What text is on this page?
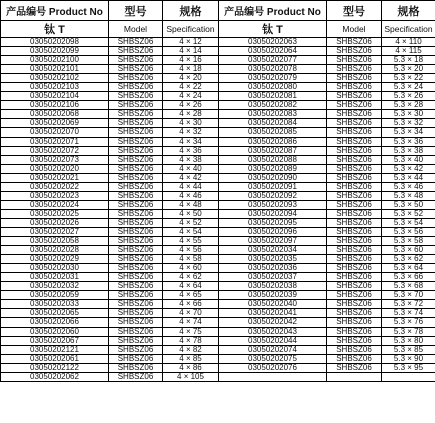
产品编号 Product No	型号	规格	产品编号 Product No	型号	规格
钛 T	Model	Specification	钛 T	Model	Specification
03050202098	SHBSZ06	4 × 12	03050202063	SHBSZ06	4 × 110
03050202099	SHBSZ06	4 × 14	03050202064	SHBSZ06	4 × 115
03050202100	SHBSZ06	4 × 16	03050202077	SHBSZ06	5.3 × 18
03050202101	SHBSZ06	4 × 18	03050202078	SHBSZ06	5.3 × 20
03050202102	SHBSZ06	4 × 20	03050202079	SHBSZ06	5.3 × 22
03050202103	SHBSZ06	4 × 22	03050202080	SHBSZ06	5.3 × 24
03050202104	SHBSZ06	4 × 24	03050202081	SHBSZ06	5.3 × 26
03050202106	SHBSZ06	4 × 26	03050202082	SHBSZ06	5.3 × 28
03050202068	SHBSZ06	4 × 28	03050202083	SHBSZ06	5.3 × 30
03050202069	SHBSZ06	4 × 30	03050202084	SHBSZ06	5.3 × 32
03050202070	SHBSZ06	4 × 32	03050202085	SHBSZ06	5.3 × 34
03050202071	SHBSZ06	4 × 34	03050202086	SHBSZ06	5.3 × 36
03050202072	SHBSZ06	4 × 36	03050202087	SHBSZ06	5.3 × 38
03050202073	SHBSZ06	4 × 38	03050202088	SHBSZ06	5.3 × 40
03050202020	SHBSZ06	4 × 40	03050202089	SHBSZ06	5.3 × 42
03050202021	SHBSZ06	4 × 42	03050202090	SHBSZ06	5.3 × 44
03050202022	SHBSZ06	4 × 44	03050202091	SHBSZ06	5.3 × 46
03050202023	SHBSZ06	4 × 46	03050202092	SHBSZ06	5.3 × 48
03050202024	SHBSZ06	4 × 48	03050202093	SHBSZ06	5.3 × 50
03050202025	SHBSZ06	4 × 50	03050202094	SHBSZ06	5.3 × 52
03050202026	SHBSZ06	4 × 52	03050202095	SHBSZ06	5.3 × 54
03050202027	SHBSZ06	4 × 54	03050202096	SHBSZ06	5.3 × 56
03050202058	SHBSZ06	4 × 55	03050202097	SHBSZ06	5.3 × 58
03050202028	SHBSZ06	4 × 56	03050202034	SHBSZ06	5.3 × 60
03050202029	SHBSZ06	4 × 58	03050202035	SHBSZ06	5.3 × 62
03050202030	SHBSZ06	4 × 60	03050202036	SHBSZ06	5.3 × 64
03050202031	SHBSZ06	4 × 62	03050202037	SHBSZ06	5.3 × 66
03050202032	SHBSZ06	4 × 64	03050202038	SHBSZ06	5.3 × 68
03050202059	SHBSZ06	4 × 65	03050202039	SHBSZ06	5.3 × 70
03050202033	SHBSZ06	4 × 66	03050202040	SHBSZ06	5.3 × 72
03050202065	SHBSZ06	4 × 70	03050202041	SHBSZ06	5.3 × 74
03050202066	SHBSZ06	4 × 74	03050202042	SHBSZ06	5.3 × 76
03050202060	SHBSZ06	4 × 75	03050202043	SHBSZ06	5.3 × 78
03050202067	SHBSZ06	4 × 78	03050202044	SHBSZ06	5.3 × 80
03050202121	SHBSZ06	4 × 82	03050202074	SHBSZ06	5.3 × 85
03050202061	SHBSZ06	4 × 85	03050202075	SHBSZ06	5.3 × 90
03050202122	SHBSZ06	4 × 86	03050202076	SHBSZ06	5.3 × 95
03050202062	SHBSZ06	4 × 105			
